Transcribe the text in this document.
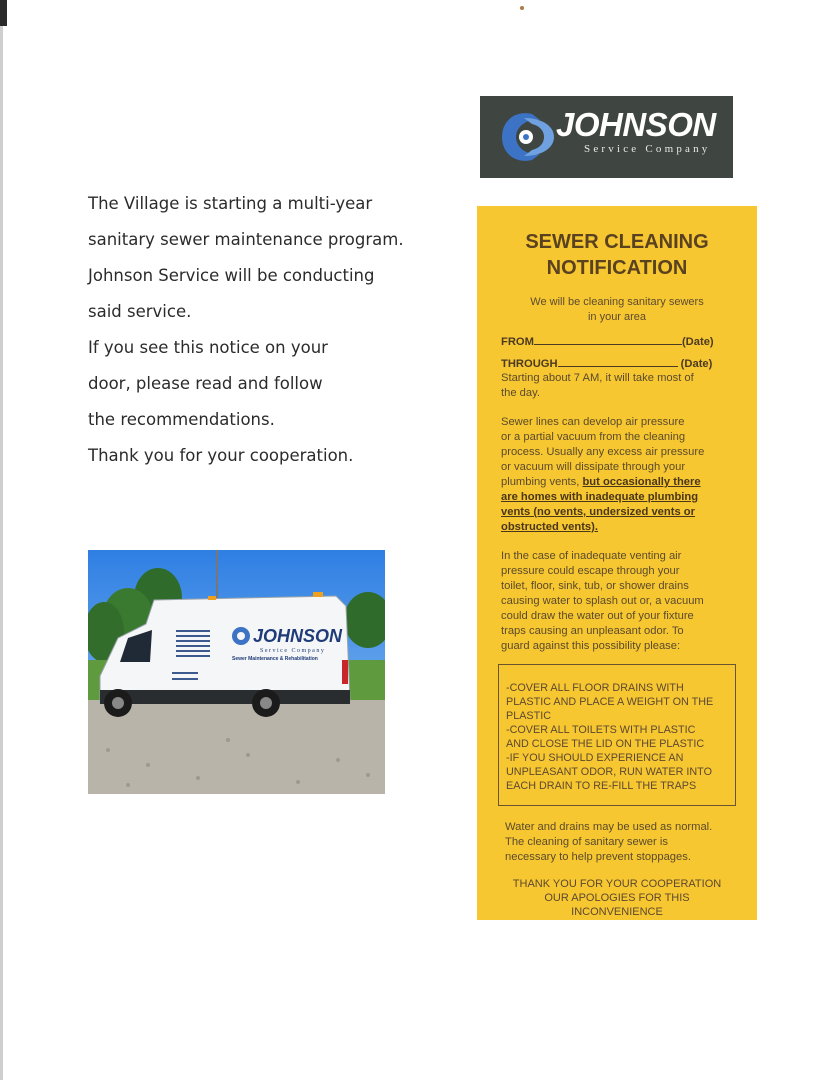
The Village is starting a multi-year

sanitary sewer maintenance program.

Johnson Service will be conducting

said service.

If you see this notice on your

door, please read and follow

the recommendations.

Thank you for your cooperation.

JOHNSON
Service Company
Sewer Maintenance & Rehabilitation
JOHNSON
Service Company
SEWER CLEANING
NOTIFICATION
We will be cleaning sanitary sewers
in your area
FROM	(Date)
THROUGH	(Date)
Starting about 7 AM, it will take most of
the day.
Sewer lines can develop air pressure
or a partial vacuum from the cleaning
process. Usually any excess air pressure
or vacuum will dissipate through your
plumbing vents, but occasionally there
are homes with inadequate plumbing
vents (no vents, undersized vents or
obstructed vents).
In the case of inadequate venting air
pressure could escape through your
toilet, floor, sink, tub, or shower drains
causing water to splash out or, a vacuum
could draw the water out of your fixture
traps causing an unpleasant odor. To
guard against this possibility please:
-COVER ALL FLOOR DRAINS WITH
PLASTIC AND PLACE A WEIGHT ON THE
PLASTIC
-COVER ALL TOILETS WITH PLASTIC
AND CLOSE THE LID ON THE PLASTIC
-IF YOU SHOULD EXPERIENCE AN
UNPLEASANT ODOR, RUN WATER INTO
EACH DRAIN TO RE-FILL THE TRAPS
Water and drains may be used as normal.
The cleaning of sanitary sewer is
necessary to help prevent stoppages.
THANK YOU FOR YOUR COOPERATION
OUR APOLOGIES FOR THIS
INCONVENIENCE
